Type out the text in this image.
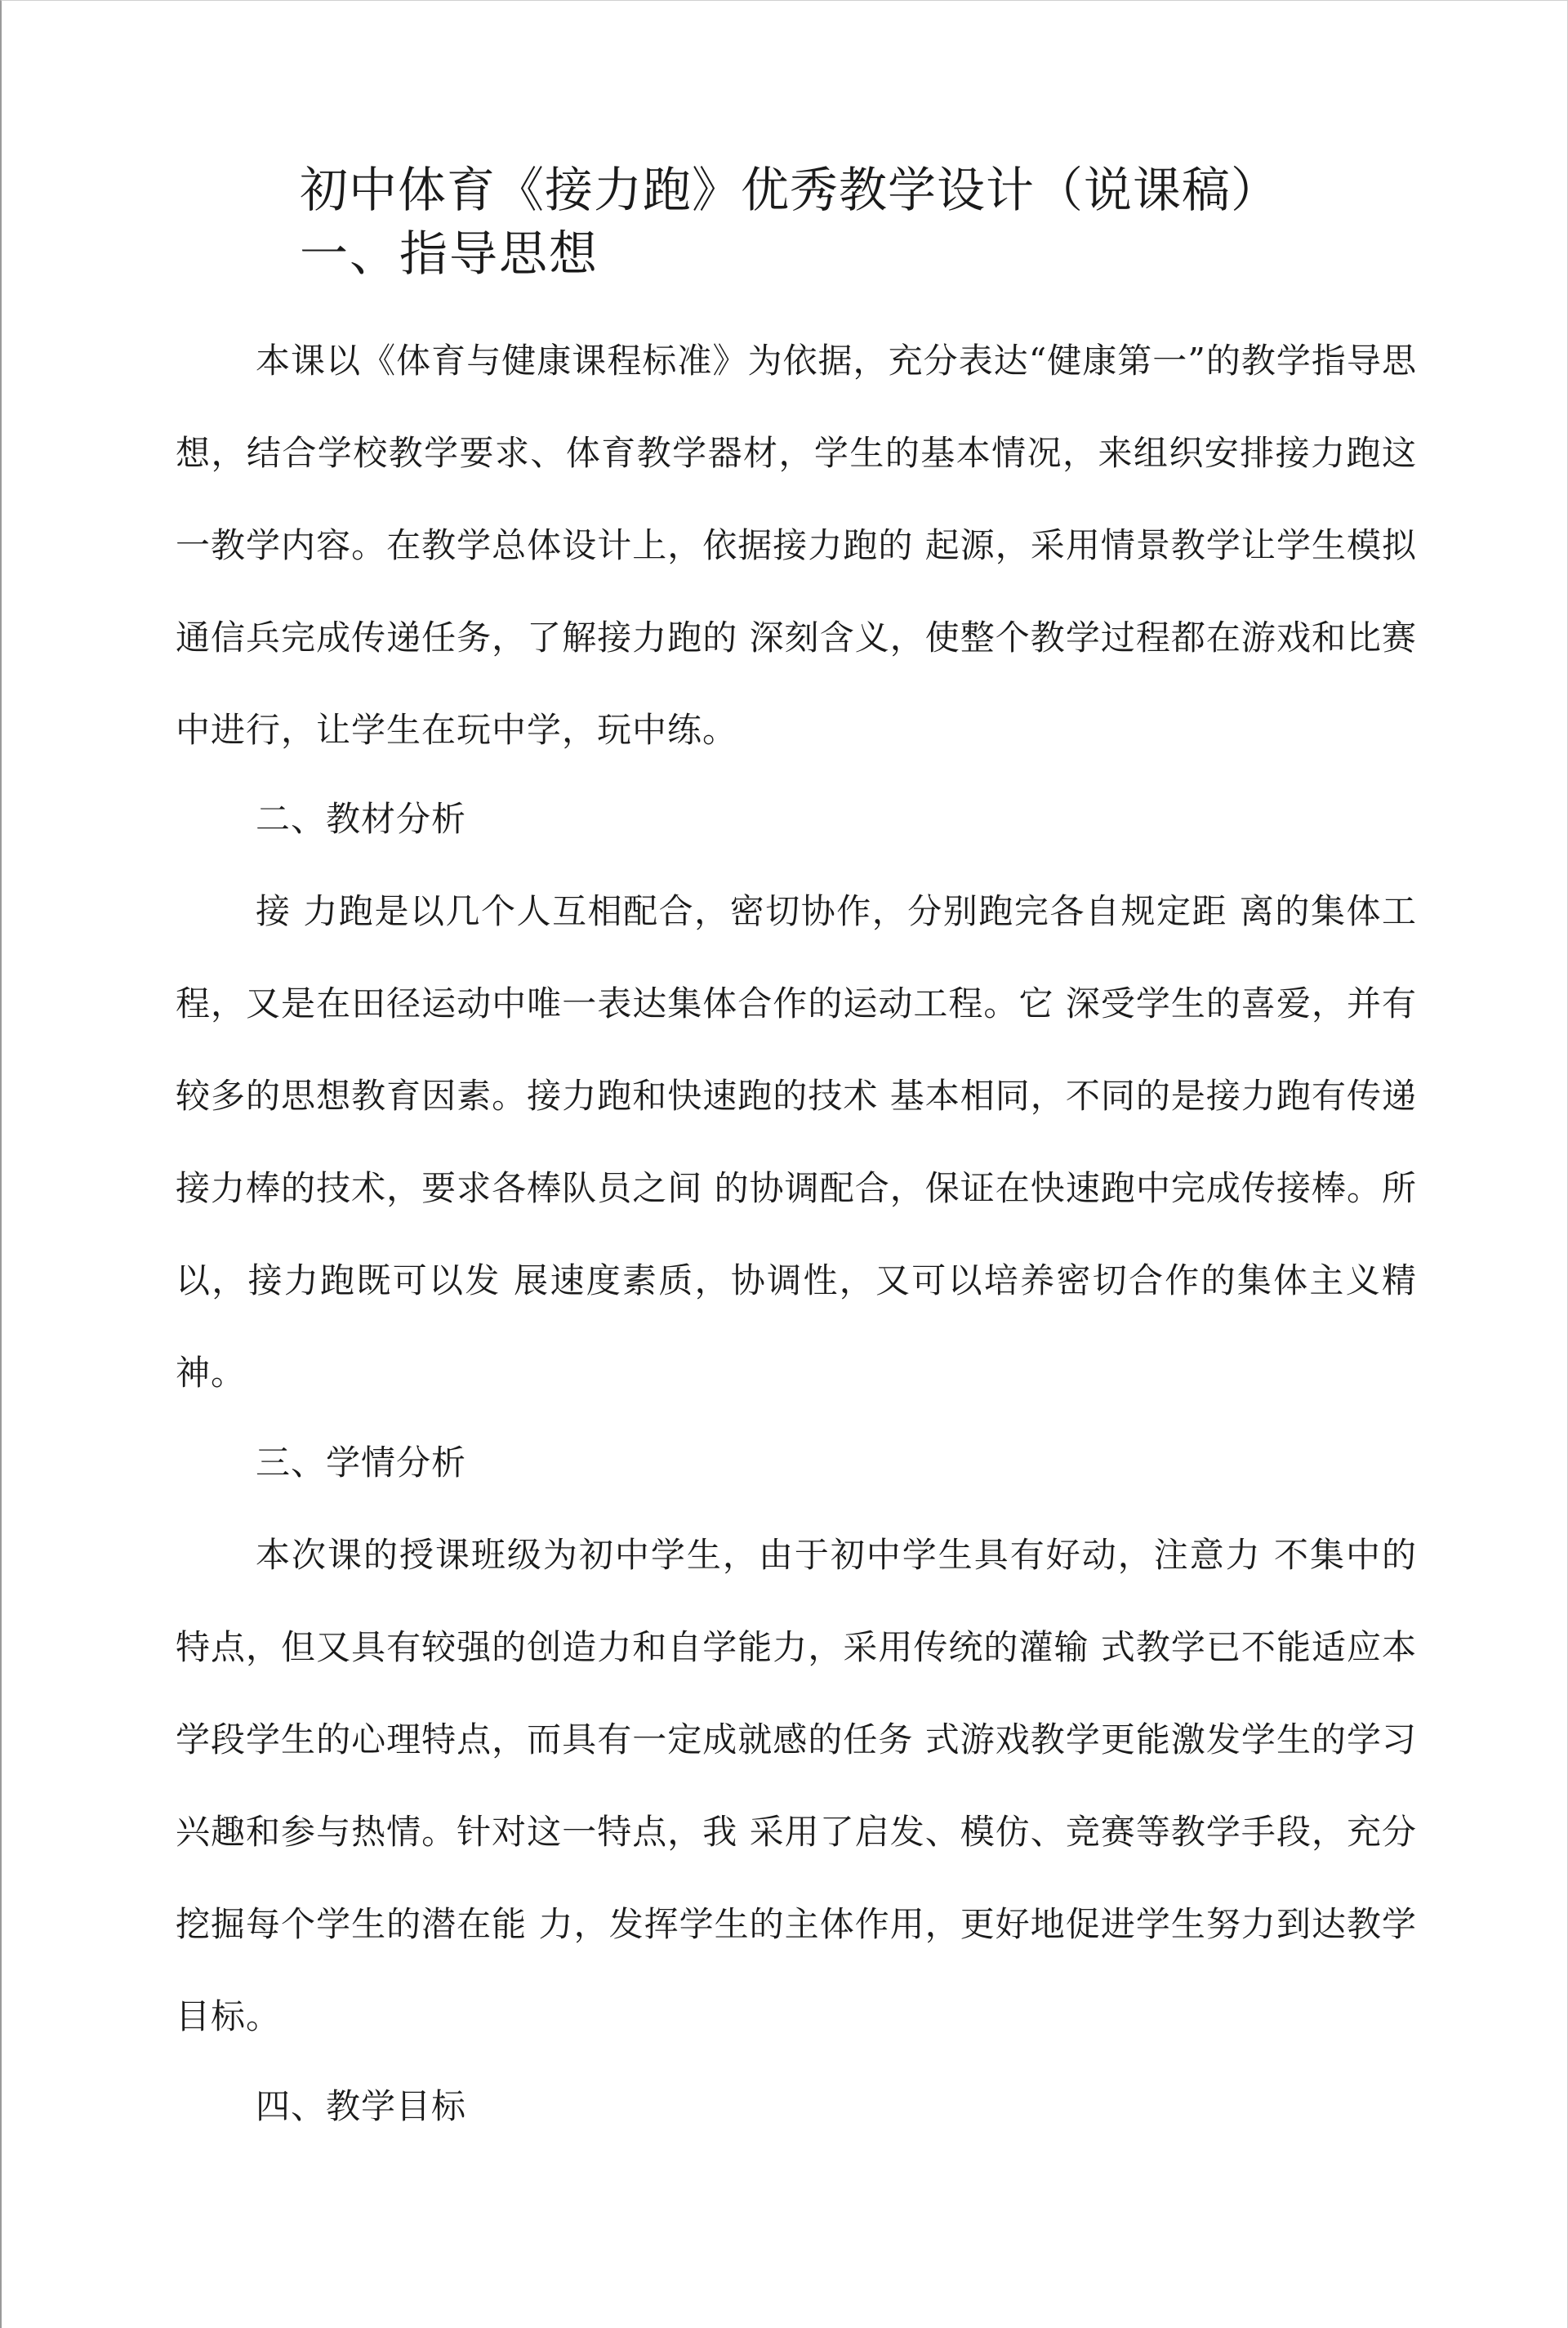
初中体育《接力跑》优秀教学设计（说课稿）
一、指导思想

本课以《体育与健康课程标准》为依据，充分表达“健康第一”的教学指导思想，结合学校教学要求、体育教学器材，学生的基本情况，来组织安排接力跑这一教学内容。在教学总体设计上，依据接力跑的 起源，采用情景教学让学生模拟通信兵完成传递任务，了解接力跑的 深刻含义，使整个教学过程都在游戏和比赛中进行，让学生在玩中学，玩中练。

二、教材分析

接 力跑是以几个人互相配合，密切协作，分别跑完各自规定距 离的集体工程，又是在田径运动中唯一表达集体合作的运动工程。它 深受学生的喜爱，并有较多的思想教育因素。接力跑和快速跑的技术 基本相同，不同的是接力跑有传递接力棒的技术，要求各棒队员之间 的协调配合，保证在快速跑中完成传接棒。所以，接力跑既可以发 展速度素质，协调性，又可以培养密切合作的集体主义精神。

三、学情分析

本次课的授课班级为初中学生，由于初中学生具有好动，注意力 不集中的特点，但又具有较强的创造力和自学能力，采用传统的灌输 式教学已不能适应本学段学生的心理特点，而具有一定成就感的任务 式游戏教学更能激发学生的学习兴趣和参与热情。针对这一特点，我 采用了启发、模仿、竞赛等教学手段，充分挖掘每个学生的潜在能 力，发挥学生的主体作用，更好地促进学生努力到达教学目标。

四、教学目标
